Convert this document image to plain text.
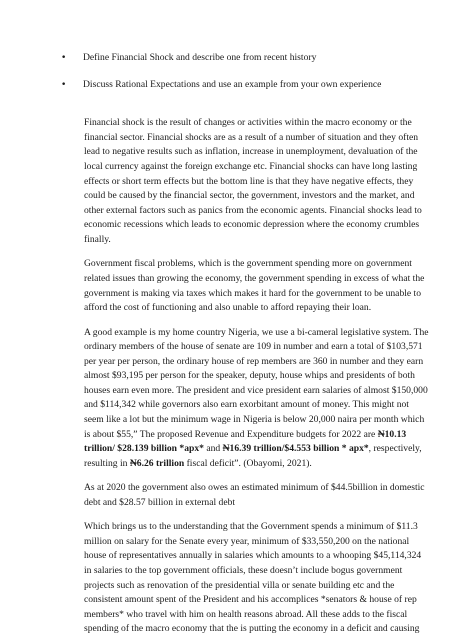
• Define Financial Shock and describe one from recent history
• Discuss Rational Expectations and use an example from your own experience

Financial shock is the result of changes or activities within the macro economy or the
financial sector. Financial shocks are as a result of a number of situation and they often
lead to negative results such as inflation, increase in unemployment, devaluation of the
local currency against the foreign exchange etc. Financial shocks can have long lasting
effects or short term effects but the bottom line is that they have negative effects, they
could be caused by the financial sector, the government, investors and the market, and
other external factors such as panics from the economic agents. Financial shocks lead to
economic recessions which leads to economic depression where the economy crumbles
finally.

Government fiscal problems, which is the government spending more on government
related issues than growing the economy, the government spending in excess of what the
government is making via taxes which makes it hard for the government to be unable to
afford the cost of functioning and also unable to afford repaying their loan.

A good example is my home country Nigeria, we use a bi-cameral legislative system. The
ordinary members of the house of senate are 109 in number and earn a total of $103,571
per year per person, the ordinary house of rep members are 360 in number and they earn
almost $93,195 per person for the speaker, deputy, house whips and presidents of both
houses earn even more. The president and vice president earn salaries of almost $150,000
and $114,342 while governors also earn exorbitant amount of money. This might not
seem like a lot but the minimum wage in Nigeria is below 20,000 naira per month which
is about $55,” The proposed Revenue and Expenditure budgets for 2022 are ₦10.13
trillion/ $28.139 billion *apx* and ₦16.39 trillion/$4.553 billion * apx*, respectively,
resulting in ₦6.26 trillion fiscal deficit”. (Obayomi, 2021).

As at 2020 the government also owes an estimated minimum of $44.5billion in domestic
debt and $28.57 billion in external debt

Which brings us to the understanding that the Government spends a minimum of $11.3
million on salary for the Senate every year, minimum of $33,550,200 on the national
house of representatives annually in salaries which amounts to a whooping $45,114,324
in salaries to the top government officials, these doesn’t include bogus government
projects such as renovation of the presidential villa or senate building etc and the
consistent amount spent of the President and his accomplices *senators & house of rep
members* who travel with him on health reasons abroad. All these adds to the fiscal
spending of the macro economy that the is putting the economy in a deficit and causing
